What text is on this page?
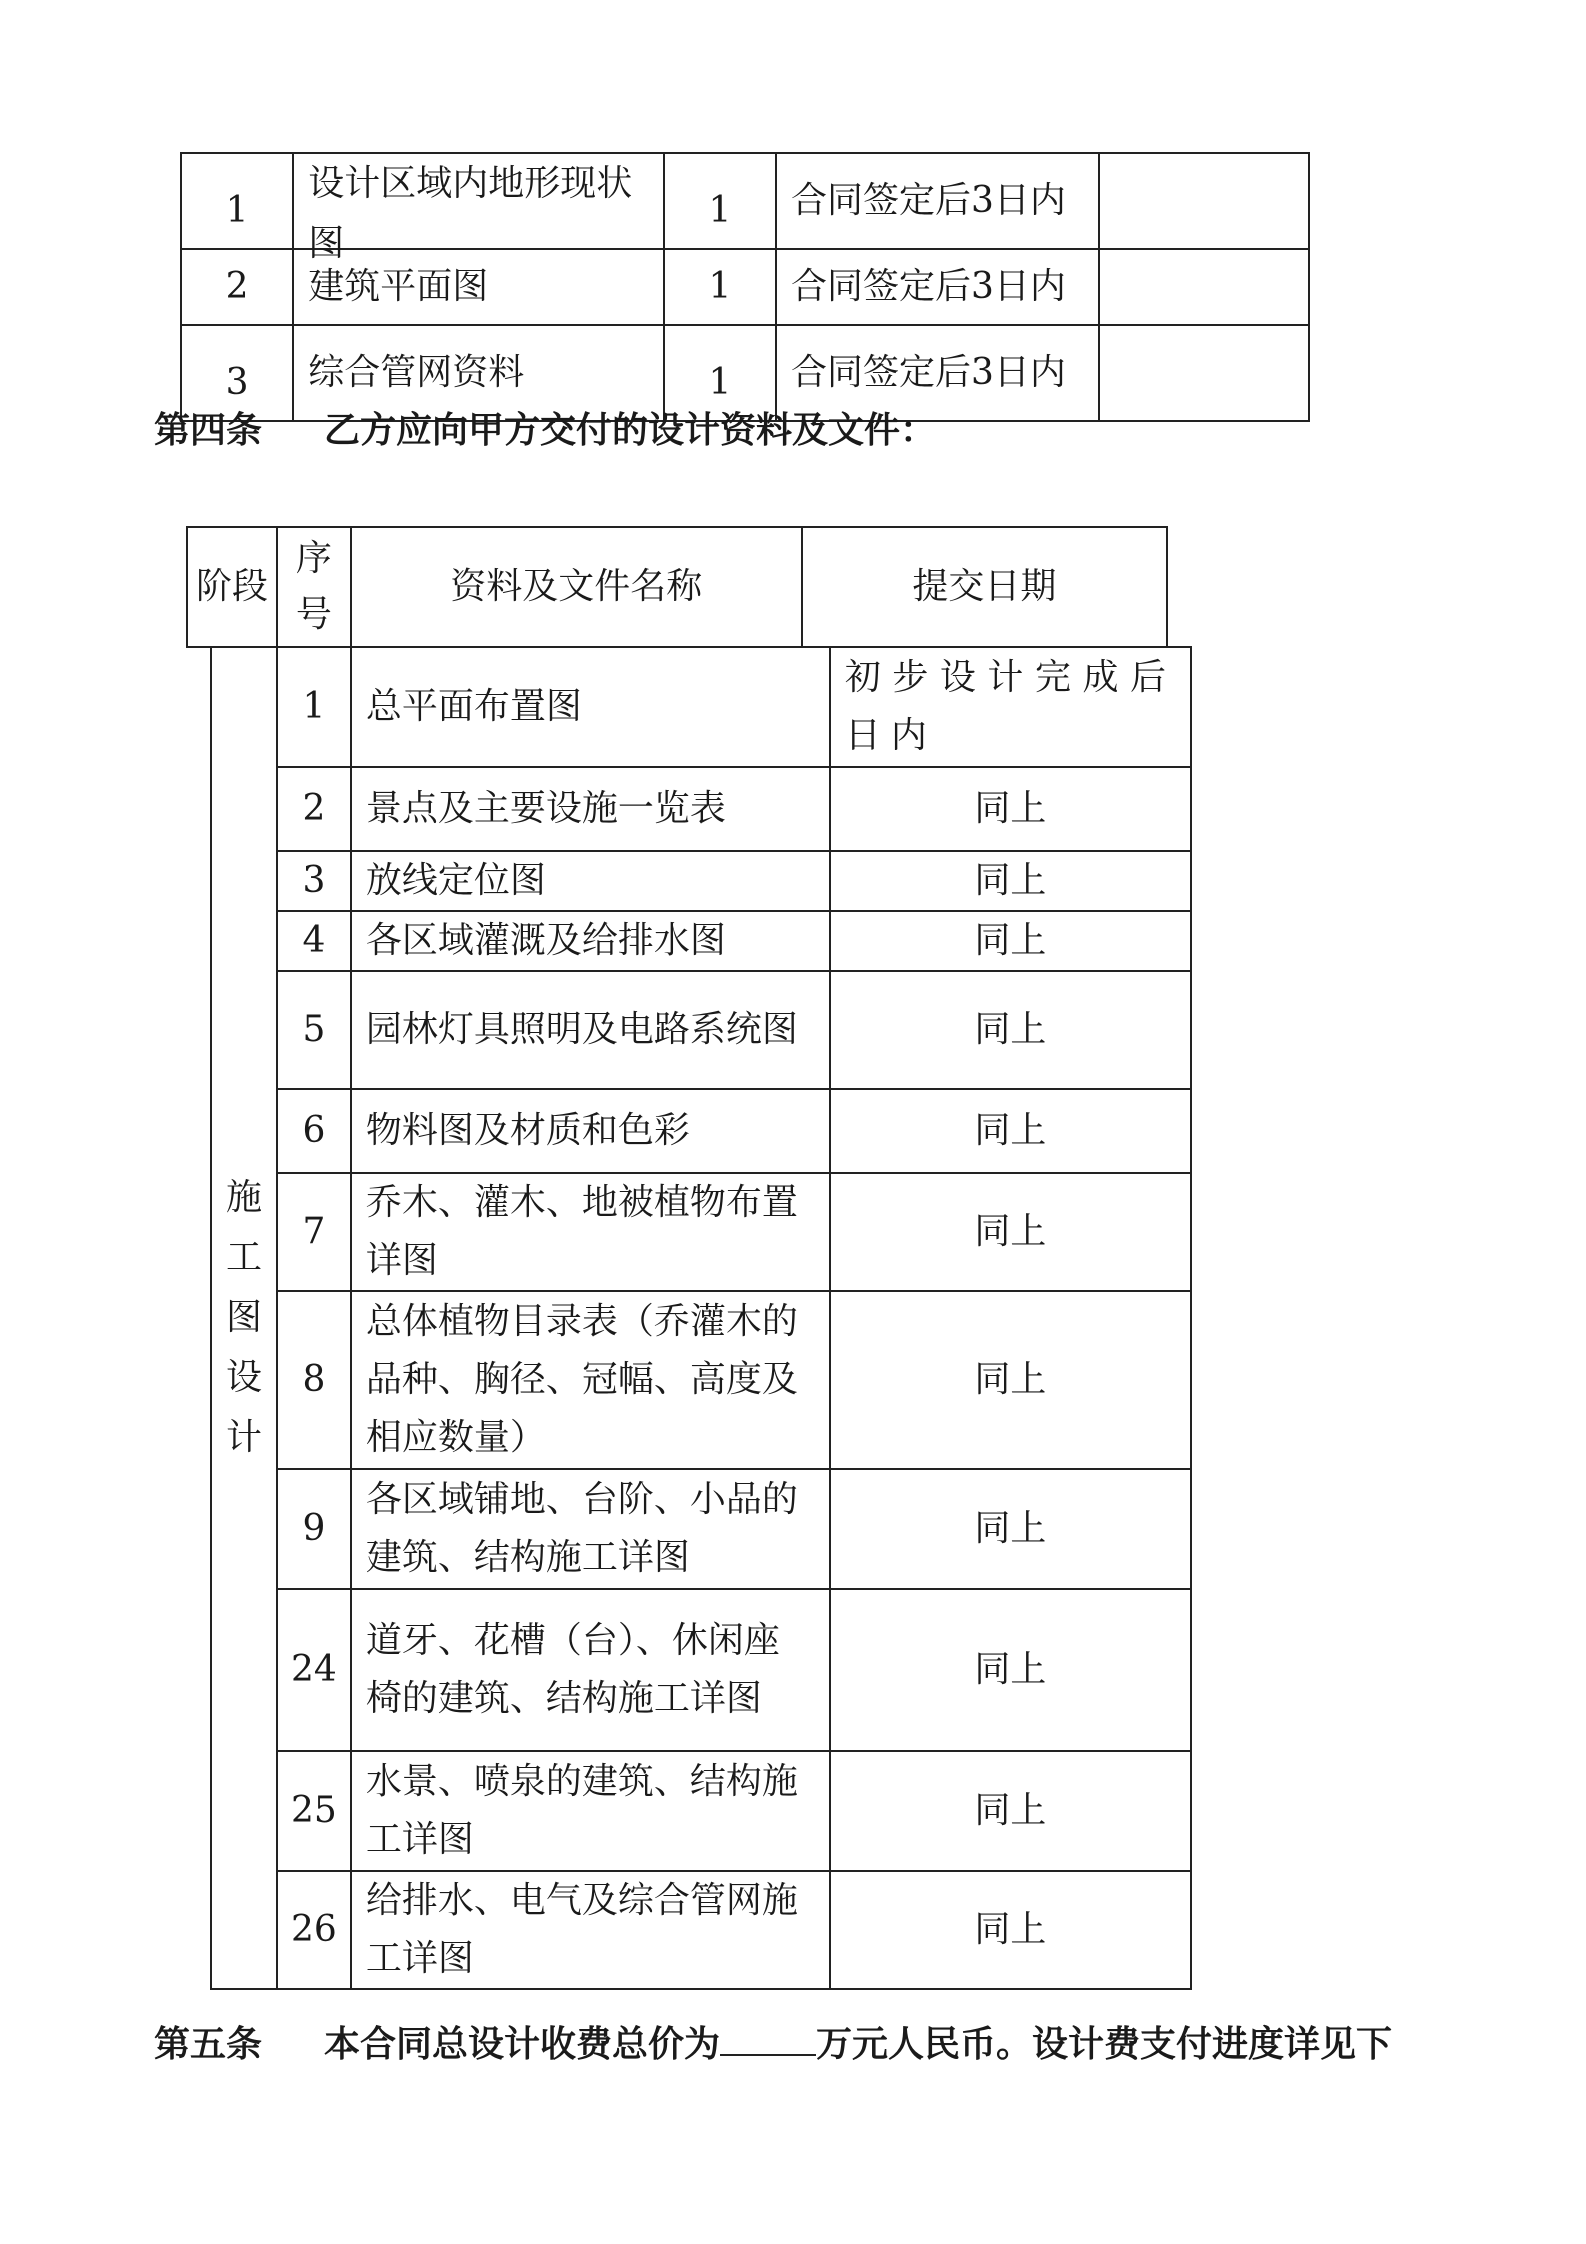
1	设计区域内地形现状图	1	合同签定后3日内	
2	建筑平面图	1	合同签定后3日内	
3	综合管网资料	1	合同签定后3日内	
第四条 乙方应向甲方交付的设计资料及文件：
阶段	序号	资料及文件名称	提交日期
施工图设计	1	总平面布置图	初步设计完成后日内
	2	景点及主要设施一览表	同上
	3	放线定位图	同上
	4	各区域灌溉及给排水图	同上
	5	园林灯具照明及电路系统图	同上
	6	物料图及材质和色彩	同上
	7	乔木、灌木、地被植物布置详图	同上
	8	总体植物目录表（乔灌木的品种、胸径、冠幅、高度及相应数量）	同上
	9	各区域铺地、台阶、小品的建筑、结构施工详图	同上
	24	道牙、花槽（台）、休闲座椅的建筑、结构施工详图	同上
	25	水景、喷泉的建筑、结构施工详图	同上
	26	给排水、电气及综合管网施工详图	同上
第五条 本合同总设计收费总价为	万元人民币。设计费支付进度详见下
